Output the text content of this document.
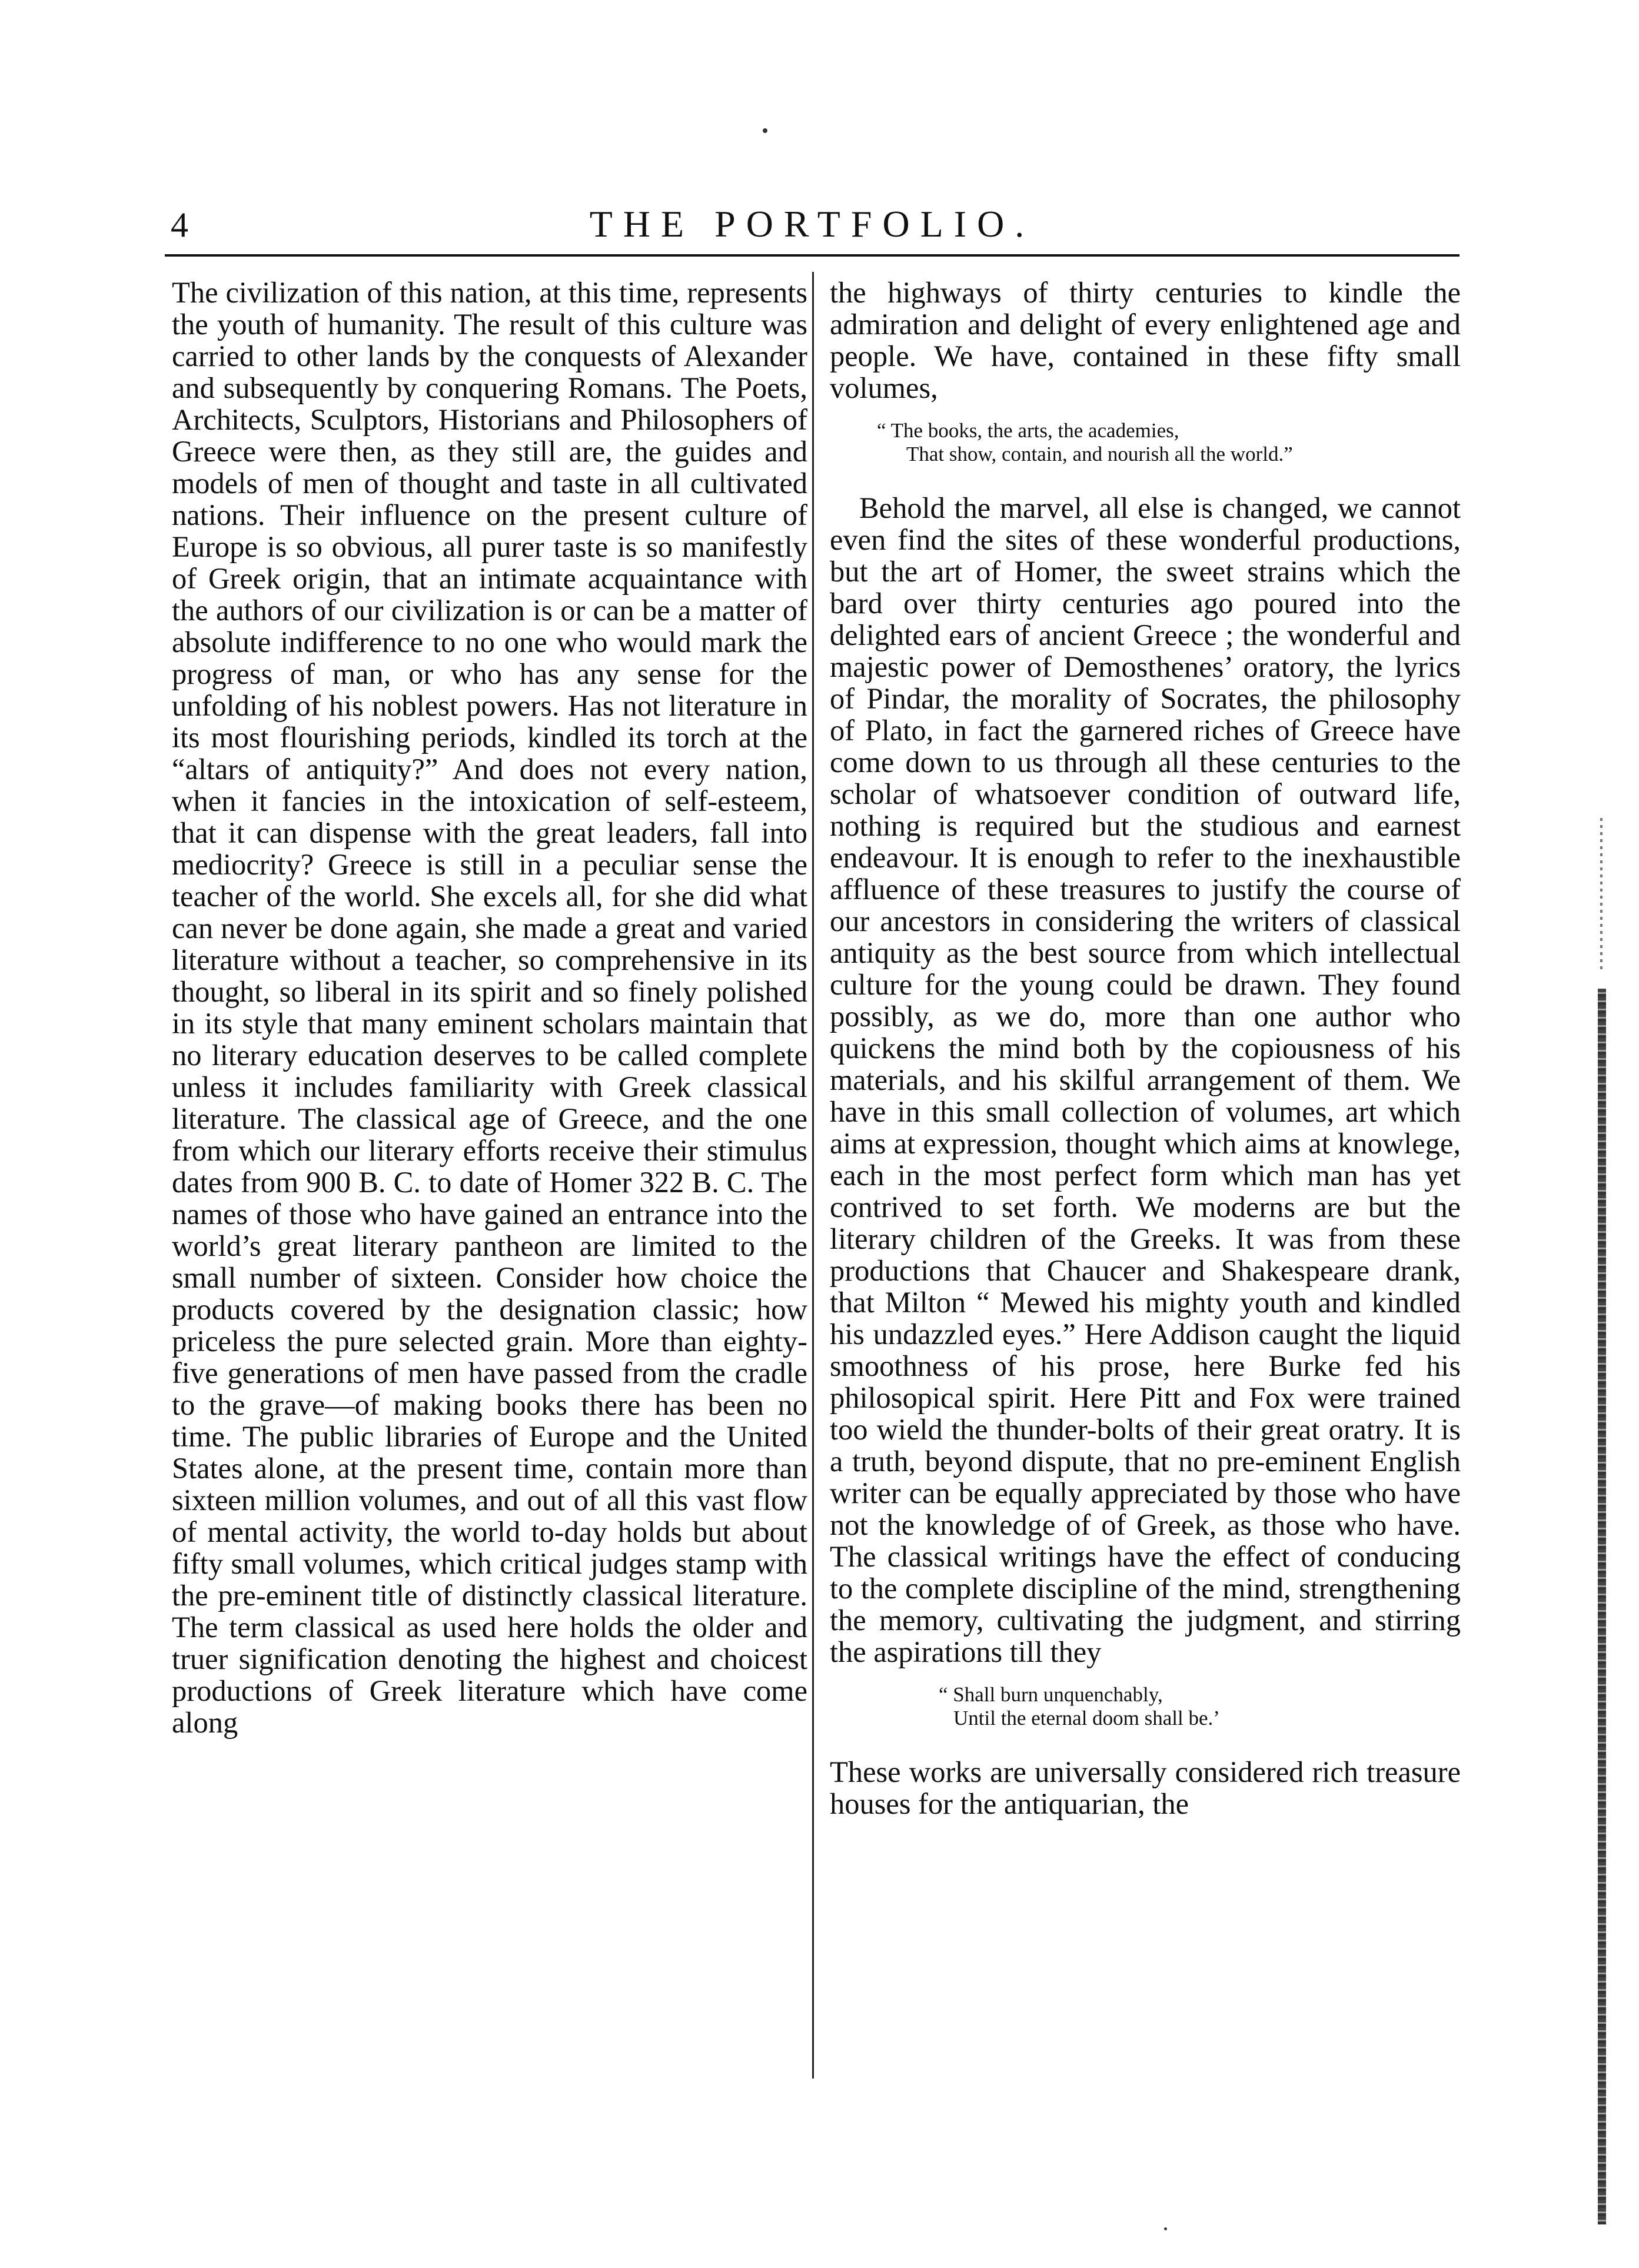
4	THE PORTFOLIO.

The civilization of this nation, at this time, represents the youth of humanity. The result of this culture was carried to other lands by the conquests of Alexander and subsequently by conquering Romans. The Poets, Architects, Sculptors, Historians and Philosophers of Greece were then, as they still are, the guides and models of men of thought and taste in all cultivated nations. Their influence on the present culture of Europe is so obvious, all purer taste is so manifestly of Greek origin, that an intimate acquaintance with the authors of our civilization is or can be a matter of absolute indifference to no one who would mark the progress of man, or who has any sense for the unfolding of his noblest powers. Has not literature in its most flourishing periods, kindled its torch at the “altars of antiquity?” And does not every nation, when it fancies in the intoxication of self-esteem, that it can dispense with the great leaders, fall into mediocrity? Greece is still in a peculiar sense the teacher of the world. She excels all, for she did what can never be done again, she made a great and varied literature without a teacher, so comprehensive in its thought, so liberal in its spirit and so finely polished in its style that many eminent scholars maintain that no literary education deserves to be called complete unless it includes familiarity with Greek classical literature. The classical age of Greece, and the one from which our literary efforts receive their stimulus dates from 900 B. C. to date of Homer 322 B. C. The names of those who have gained an entrance into the world’s great literary pantheon are limited to the small number of sixteen. Consider how choice the products covered by the designation classic; how priceless the pure selected grain. More than eighty-five generations of men have passed from the cradle to the grave—of making books there has been no time. The public libraries of Europe and the United States alone, at the present time, contain more than sixteen million volumes, and out of all this vast flow of mental activity, the world to-day holds but about fifty small volumes, which critical judges stamp with the pre-eminent title of distinctly classical literature. The term classical as used here holds the older and truer signification denoting the highest and choicest productions of Greek literature which have come along

the highways of thirty centuries to kindle the admiration and delight of every enlightened age and people. We have, contained in these fifty small volumes,

“ The books, the arts, the academies,
That show, contain, and nourish all the world.”

Behold the marvel, all else is changed, we cannot even find the sites of these wonderful productions, but the art of Homer, the sweet strains which the bard over thirty centuries ago poured into the delighted ears of ancient Greece ; the wonderful and majestic power of Demosthenes’ oratory, the lyrics of Pindar, the morality of Socrates, the philosophy of Plato, in fact the garnered riches of Greece have come down to us through all these centuries to the scholar of whatsoever condition of outward life, nothing is required but the studious and earnest endeavour. It is enough to refer to the inexhaustible affluence of these treasures to justify the course of our ancestors in considering the writers of classical antiquity as the best source from which intellectual culture for the young could be drawn. They found possibly, as we do, more than one author who quickens the mind both by the copiousness of his materials, and his skilful arrangement of them. We have in this small collection of volumes, art which aims at expression, thought which aims at knowlege, each in the most perfect form which man has yet contrived to set forth. We moderns are but the literary children of the Greeks. It was from these productions that Chaucer and Shakespeare drank, that Milton “ Mewed his mighty youth and kindled his undazzled eyes.” Here Addison caught the liquid smoothness of his prose, here Burke fed his philosopical spirit. Here Pitt and Fox were trained too wield the thunder-bolts of their great oratry. It is a truth, beyond dispute, that no pre-eminent English writer can be equally appreciated by those who have not the knowledge of of Greek, as those who have. The classical writings have the effect of conducing to the complete discipline of the mind, strengthening the memory, cultivating the judgment, and stirring the aspirations till they

“ Shall burn unquenchably,
Until the eternal doom shall be.’

These works are universally considered rich treasure houses for the antiquarian, the
